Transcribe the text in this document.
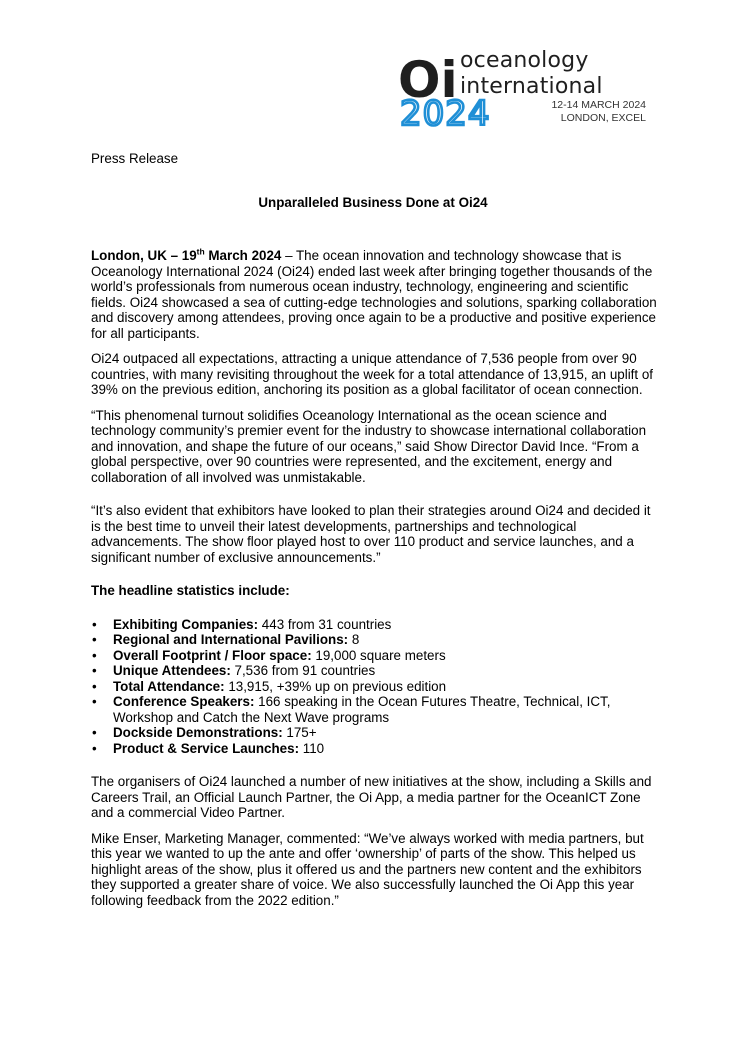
Oi oceanology
international
2024	12-14 MARCH 2024
LONDON, EXCEL
Press Release
Unparalleled Business Done at Oi24

London, UK – 19th March 2024 – The ocean innovation and technology showcase that is Oceanology International 2024 (Oi24) ended last week after bringing together thousands of the world’s professionals from numerous ocean industry, technology, engineering and scientific fields. Oi24 showcased a sea of cutting-edge technologies and solutions, sparking collaboration and discovery among attendees, proving once again to be a productive and positive experience for all participants.

Oi24 outpaced all expectations, attracting a unique attendance of 7,536 people from over 90 countries, with many revisiting throughout the week for a total attendance of 13,915, an uplift of 39% on the previous edition, anchoring its position as a global facilitator of ocean connection.

“This phenomenal turnout solidifies Oceanology International as the ocean science and technology community’s premier event for the industry to showcase international collaboration and innovation, and shape the future of our oceans,” said Show Director David Ince. “From a global perspective, over 90 countries were represented, and the excitement, energy and collaboration of all involved was unmistakable.

“It’s also evident that exhibitors have looked to plan their strategies around Oi24 and decided it is the best time to unveil their latest developments, partnerships and technological advancements. The show floor played host to over 110 product and service launches, and a significant number of exclusive announcements.”

The headline statistics include:

• Exhibiting Companies: 443 from 31 countries
• Regional and International Pavilions: 8
• Overall Footprint / Floor space: 19,000 square meters
• Unique Attendees: 7,536 from 91 countries
• Total Attendance: 13,915, +39% up on previous edition
• Conference Speakers: 166 speaking in the Ocean Futures Theatre, Technical, ICT, Workshop and Catch the Next Wave programs
• Dockside Demonstrations: 175+
• Product & Service Launches: 110

The organisers of Oi24 launched a number of new initiatives at the show, including a Skills and Careers Trail, an Official Launch Partner, the Oi App, a media partner for the OceanICT Zone and a commercial Video Partner.

Mike Enser, Marketing Manager, commented: “We’ve always worked with media partners, but this year we wanted to up the ante and offer ‘ownership’ of parts of the show. This helped us highlight areas of the show, plus it offered us and the partners new content and the exhibitors they supported a greater share of voice. We also successfully launched the Oi App this year following feedback from the 2022 edition.”
